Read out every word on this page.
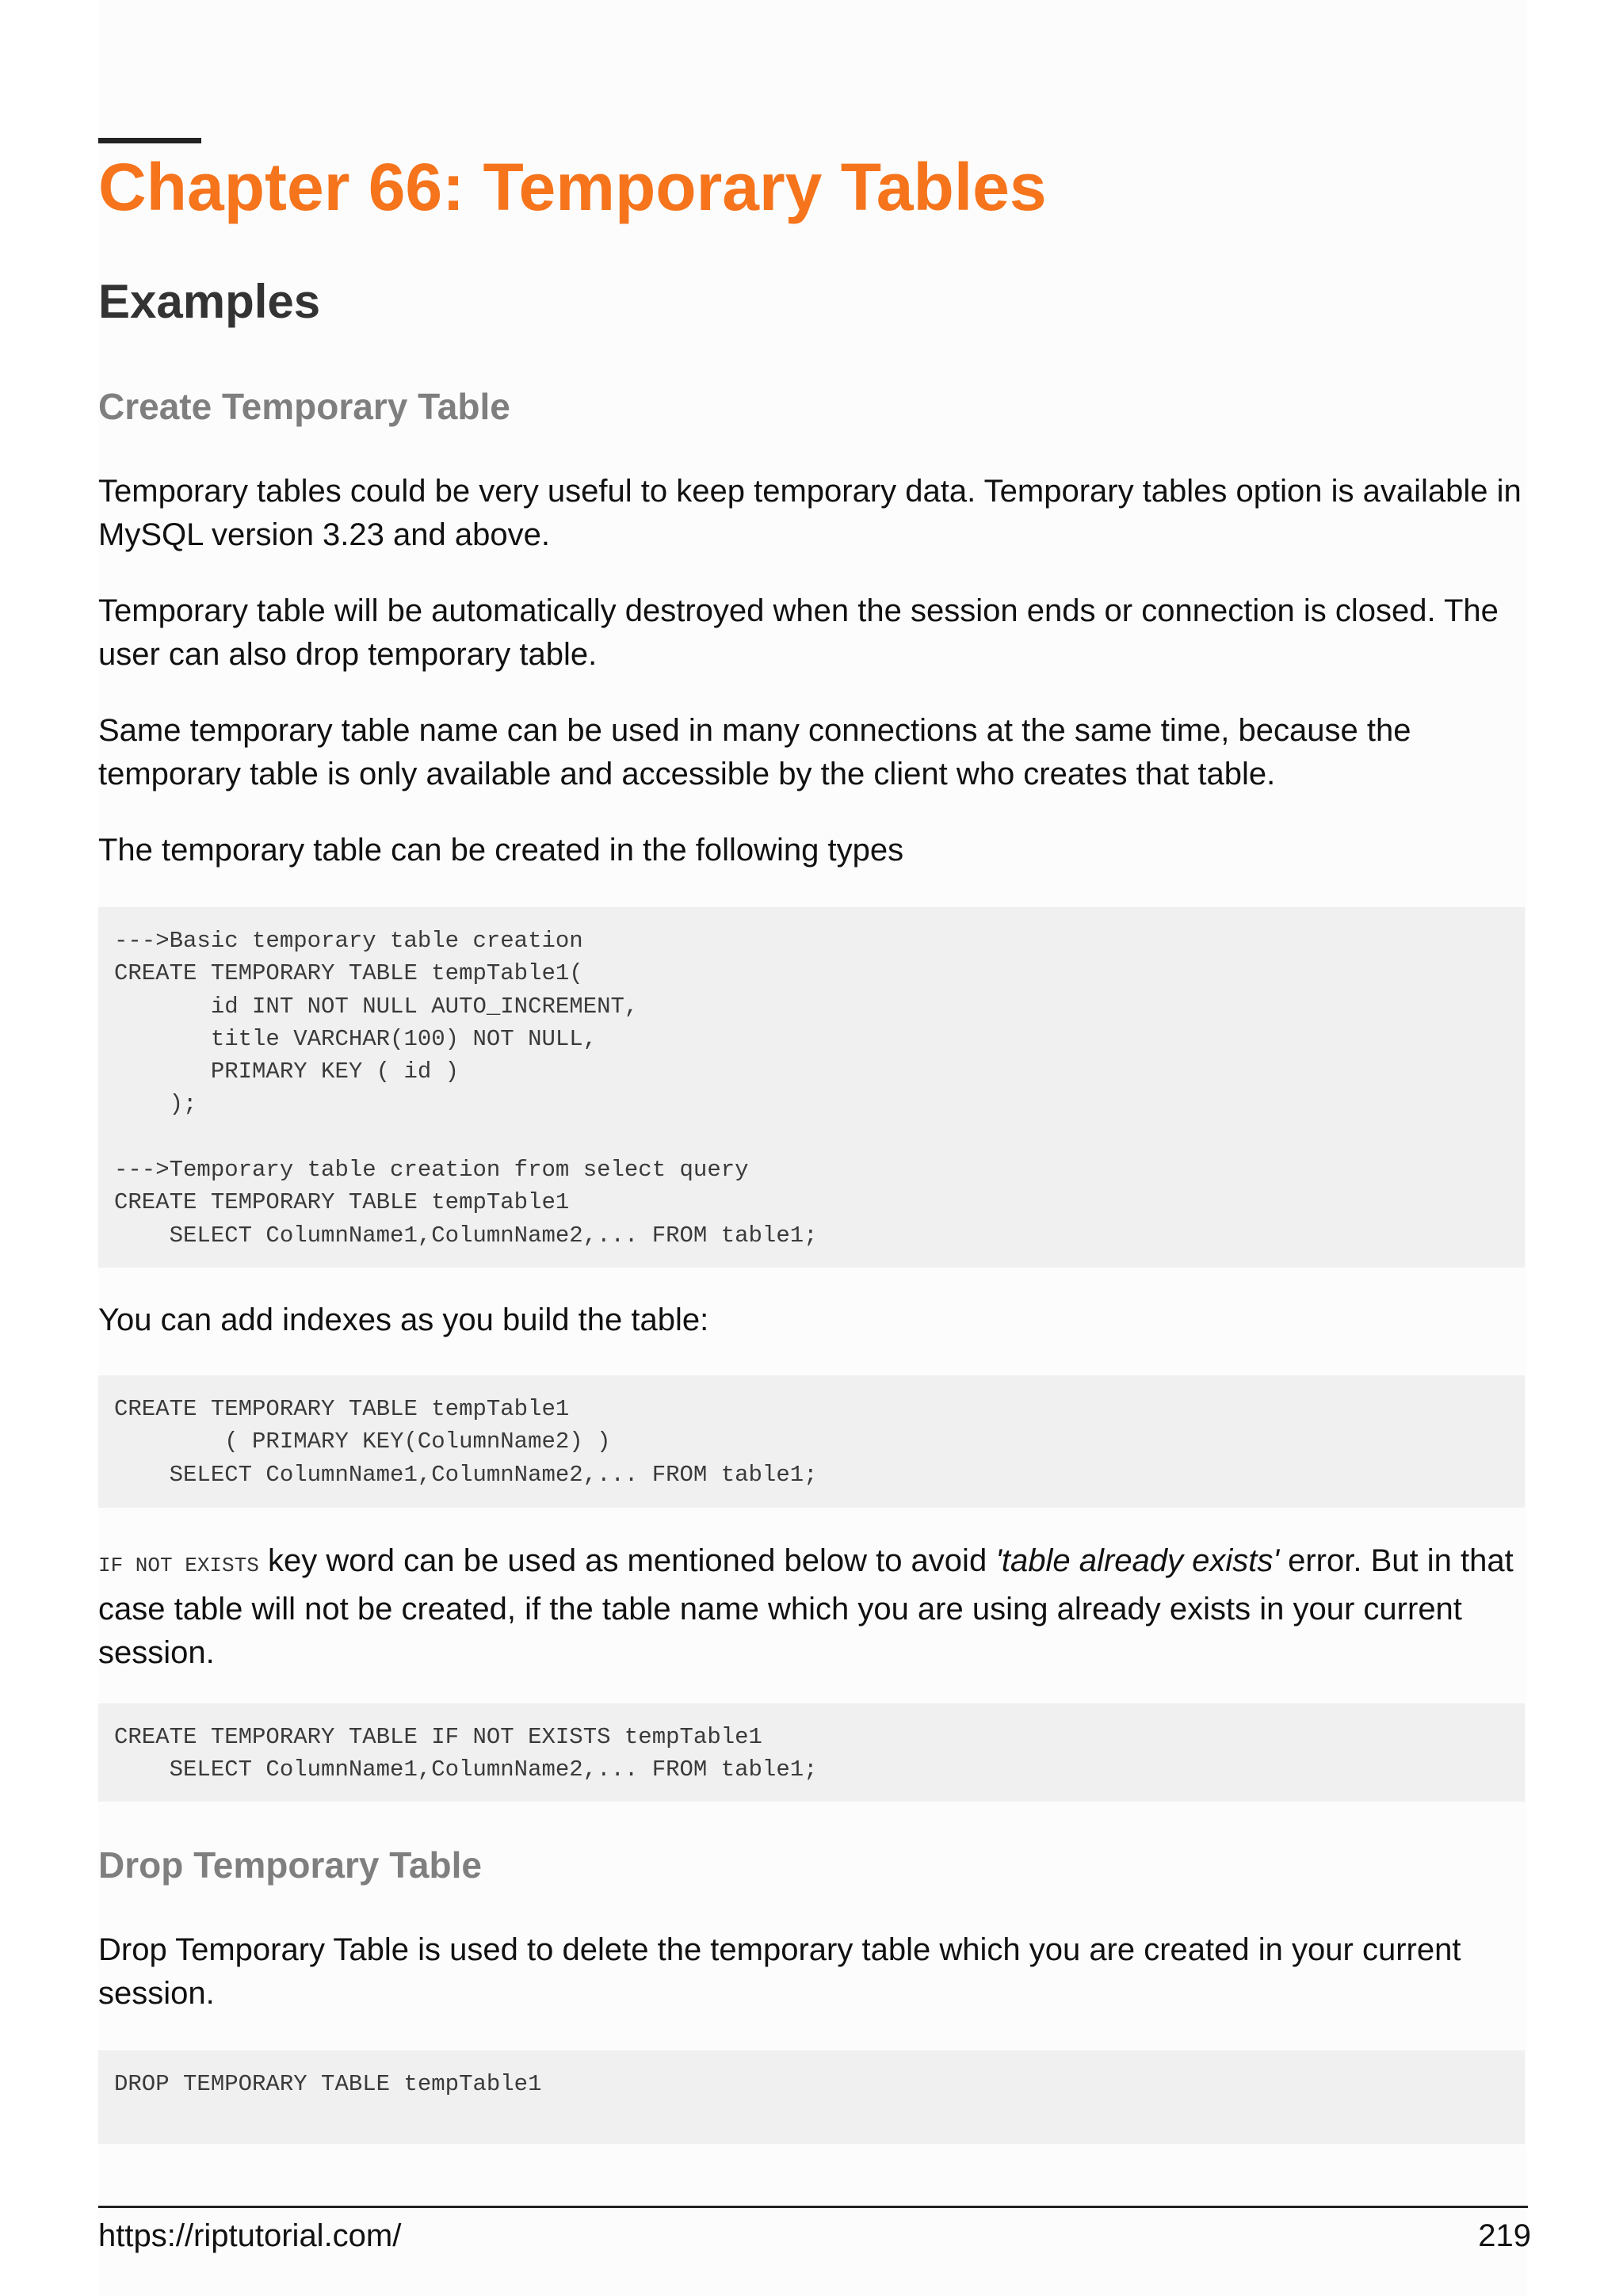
Chapter 66: Temporary Tables
Examples
Create Temporary Table

Temporary tables could be very useful to keep temporary data. Temporary tables option is available in MySQL version 3.23 and above.

Temporary table will be automatically destroyed when the session ends or connection is closed. The user can also drop temporary table.

Same temporary table name can be used in many connections at the same time, because the temporary table is only available and accessible by the client who creates that table.

The temporary table can be created in the following types

--->Basic temporary table creation
CREATE TEMPORARY TABLE tempTable1(
id INT NOT NULL AUTO_INCREMENT,
title VARCHAR(100) NOT NULL,
PRIMARY KEY ( id )
);
--->Temporary table creation from select query
CREATE TEMPORARY TABLE tempTable1
SELECT ColumnName1,ColumnName2,... FROM table1;

You can add indexes as you build the table:

CREATE TEMPORARY TABLE tempTable1
( PRIMARY KEY(ColumnName2) )
SELECT ColumnName1,ColumnName2,... FROM table1;

IF NOT EXISTS key word can be used as mentioned below to avoid 'table already exists' error. But in that case table will not be created, if the table name which you are using already exists in your current session.

CREATE TEMPORARY TABLE IF NOT EXISTS tempTable1
SELECT ColumnName1,ColumnName2,... FROM table1;
Drop Temporary Table

Drop Temporary Table is used to delete the temporary table which you are created in your current session.

DROP TEMPORARY TABLE tempTable1
https://riptutorial.com/	219
